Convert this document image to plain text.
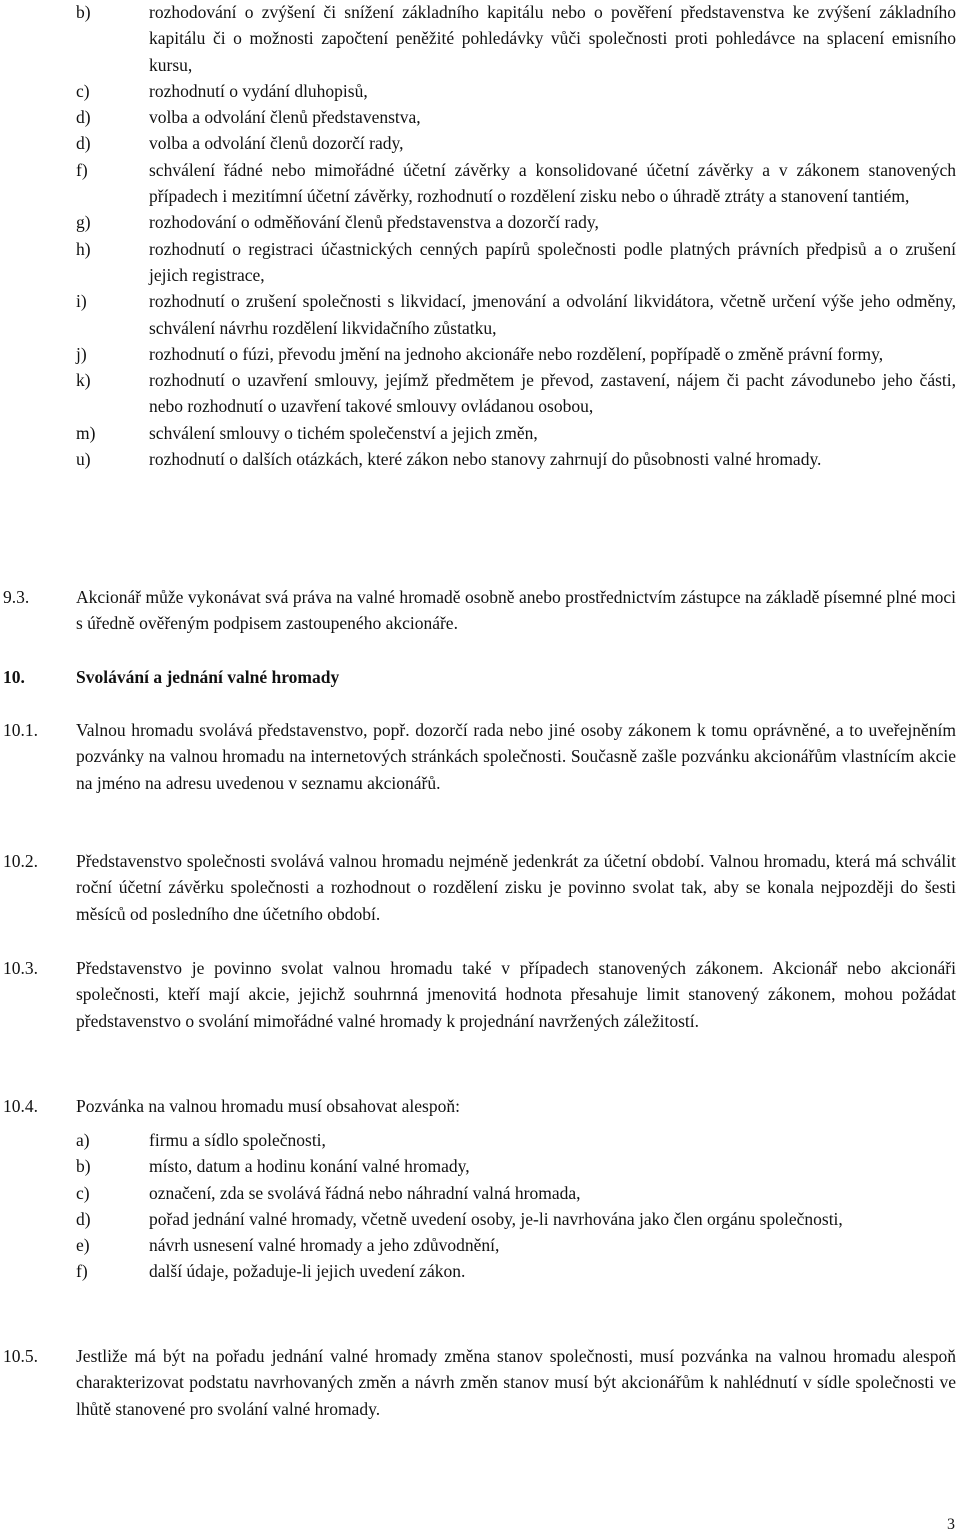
b)	rozhodování o zvýšení či snížení základního kapitálu nebo o pověření představenstva ke zvýšení základního kapitálu či o možnosti započtení peněžité pohledávky vůči společnosti proti pohledávce na splacení emisního kursu,
c)	rozhodnutí o vydání dluhopisů,
d)	volba a odvolání členů představenstva,
d)	volba a odvolání členů dozorčí rady,
f)	schválení řádné nebo mimořádné účetní závěrky a konsolidované účetní závěrky a v zákonem stanovených případech i mezitímní účetní závěrky, rozhodnutí o rozdělení zisku nebo o úhradě ztráty a stanovení tantiém,
g)	rozhodování o odměňování členů představenstva a dozorčí rady,
h)	rozhodnutí o registraci účastnických cenných papírů společnosti podle platných právních předpisů a o zrušení jejich registrace,
i)	rozhodnutí o zrušení společnosti s likvidací, jmenování a odvolání likvidátora, včetně určení výše jeho odměny, schválení návrhu rozdělení likvidačního zůstatku,
j)	rozhodnutí o fúzi, převodu jmění na jednoho akcionáře nebo rozdělení, popřípadě o změně právní formy,
k)	rozhodnutí o uzavření smlouvy, jejímž předmětem je převod, zastavení, nájem či pacht závodunebo jeho části, nebo rozhodnutí o uzavření takové smlouvy ovládanou osobou,
m)	schválení smlouvy o tichém společenství a jejich změn,
u)	rozhodnutí o dalších otázkách, které zákon nebo stanovy zahrnují do působnosti valné hromady.
9.3.	Akcionář může vykonávat svá práva na valné hromadě osobně anebo prostřednictvím zástupce na základě písemné plné moci s úředně ověřeným podpisem zastoupeného akcionáře.
10.	Svolávání a jednání valné hromady
10.1. Valnou hromadu svolává představenstvo, popř. dozorčí rada nebo jiné osoby zákonem k tomu oprávněné, a to uveřejněním pozvánky na valnou hromadu na internetových stránkách společnosti. Současně zašle pozvánku akcionářům vlastnícím akcie na jméno na adresu uvedenou v seznamu akcionářů.
10.2. Představenstvo společnosti svolává valnou hromadu nejméně jedenkrát za účetní období. Valnou hromadu, která má schválit roční účetní závěrku společnosti a rozhodnout o rozdělení zisku je povinno svolat tak, aby se konala nejpozději do šesti měsíců od posledního dne účetního období.
10.3. Představenstvo je povinno svolat valnou hromadu také v případech stanovených zákonem. Akcionář nebo akcionáři společnosti, kteří mají akcie, jejichž souhrnná jmenovitá hodnota přesahuje limit stanovený zákonem, mohou požádat představenstvo o svolání mimořádné valné hromady k projednání navržených záležitostí.
10.4. Pozvánka na valnou hromadu musí obsahovat alespoň:
a)	firmu a sídlo společnosti,
b)	místo, datum a hodinu konání valné hromady,
c)	označení, zda se svolává řádná nebo náhradní valná hromada,
d)	pořad jednání valné hromady, včetně uvedení osoby, je-li navrhována jako člen orgánu společnosti,
e)	návrh usnesení valné hromady a jeho zdůvodnění,
f)	další údaje, požaduje-li jejich uvedení zákon.
10.5. Jestliže má být na pořadu jednání valné hromady změna stanov společnosti, musí pozvánka na valnou hromadu alespoň charakterizovat podstatu navrhovaných změn a návrh změn stanov musí být akcionářům k nahlédnutí v sídle společnosti ve lhůtě stanovené pro svolání valné hromady.
3
